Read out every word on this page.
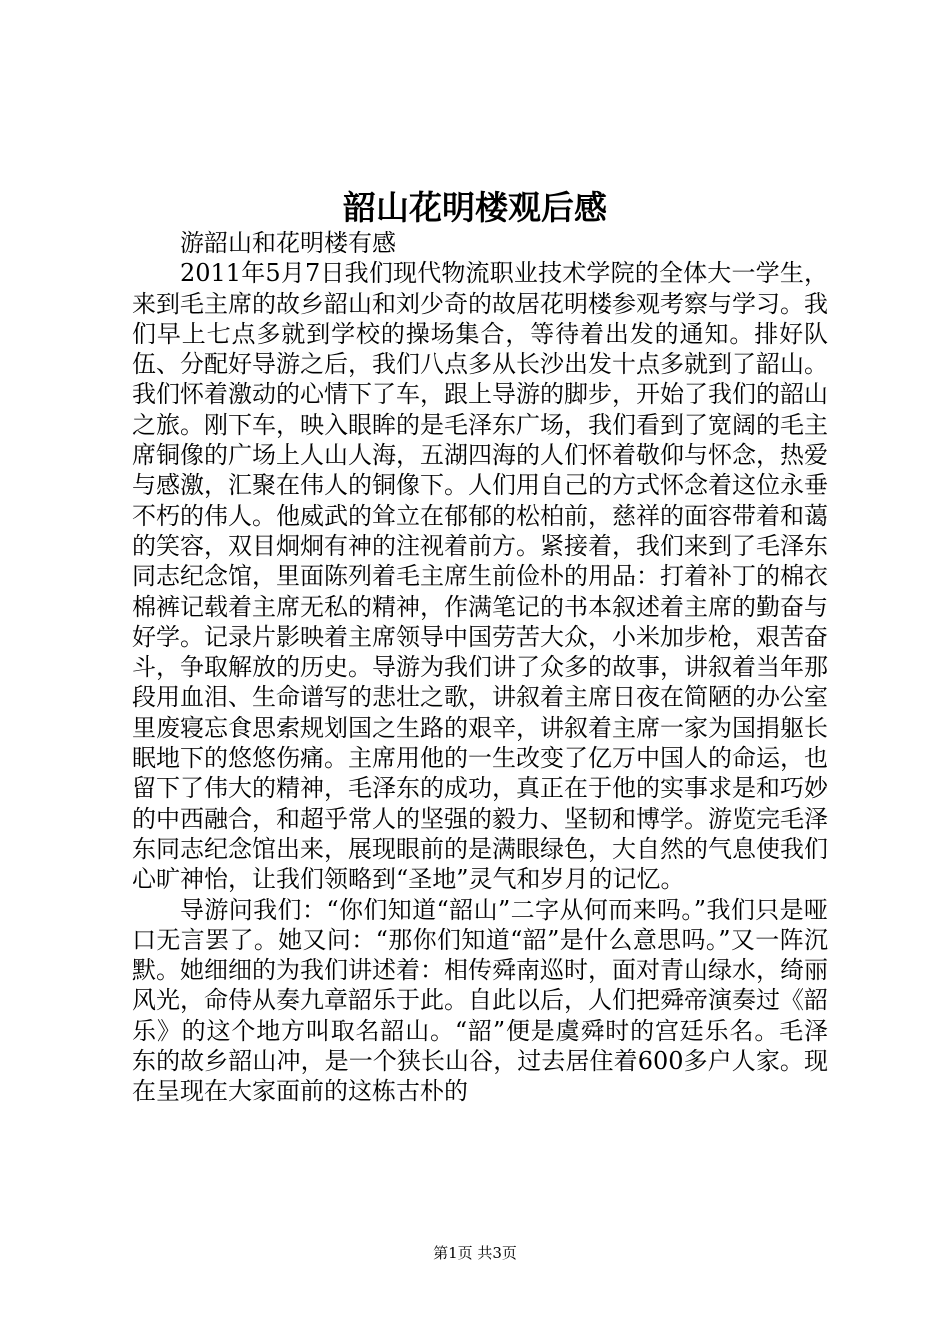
韶山花明楼观后感

游韶山和花明楼有感

2011年5月7日我们现代物流职业技术学院的全体大一学生，来到毛主席的故乡韶山和刘少奇的故居花明楼参观考察与学习。我们早上七点多就到学校的操场集合，等待着出发的通知。排好队伍、分配好导游之后，我们八点多从长沙出发十点多就到了韶山。我们怀着激动的心情下了车，跟上导游的脚步，开始了我们的韶山之旅。刚下车，映入眼眸的是毛泽东广场，我们看到了宽阔的毛主席铜像的广场上人山人海，五湖四海的人们怀着敬仰与怀念，热爱与感激，汇聚在伟人的铜像下。人们用自己的方式怀念着这位永垂不朽的伟人。他威武的耸立在郁郁的松柏前，慈祥的面容带着和蔼的笑容，双目炯炯有神的注视着前方。紧接着，我们来到了毛泽东同志纪念馆，里面陈列着毛主席生前俭朴的用品：打着补丁的棉衣棉裤记载着主席无私的精神，作满笔记的书本叙述着主席的勤奋与好学。记录片影映着主席领导中国劳苦大众，小米加步枪，艰苦奋斗，争取解放的历史。导游为我们讲了众多的故事，讲叙着当年那段用血泪、生命谱写的悲壮之歌，讲叙着主席日夜在简陋的办公室里废寝忘食思索规划国之生路的艰辛，讲叙着主席一家为国捐躯长眠地下的悠悠伤痛。主席用他的一生改变了亿万中国人的命运，也留下了伟大的精神，毛泽东的成功，真正在于他的实事求是和巧妙的中西融合，和超乎常人的坚强的毅力、坚韧和博学。游览完毛泽东同志纪念馆出来，展现眼前的是满眼绿色，大自然的气息使我们心旷神怡，让我们领略到“圣地”灵气和岁月的记忆。

导游问我们：“你们知道“韶山”二字从何而来吗。”我们只是哑口无言罢了。她又问：“那你们知道“韶”是什么意思吗。”又一阵沉默。她细细的为我们讲述着：相传舜南巡时，面对青山绿水，绮丽风光，命侍从奏九章韶乐于此。自此以后，人们把舜帝演奏过《韶乐》的这个地方叫取名韶山。“韶”便是虞舜时的宫廷乐名。毛泽东的故乡韶山冲，是一个狭长山谷，过去居住着600多户人家。现在呈现在大家面前的这栋古朴的

第1页 共3页
